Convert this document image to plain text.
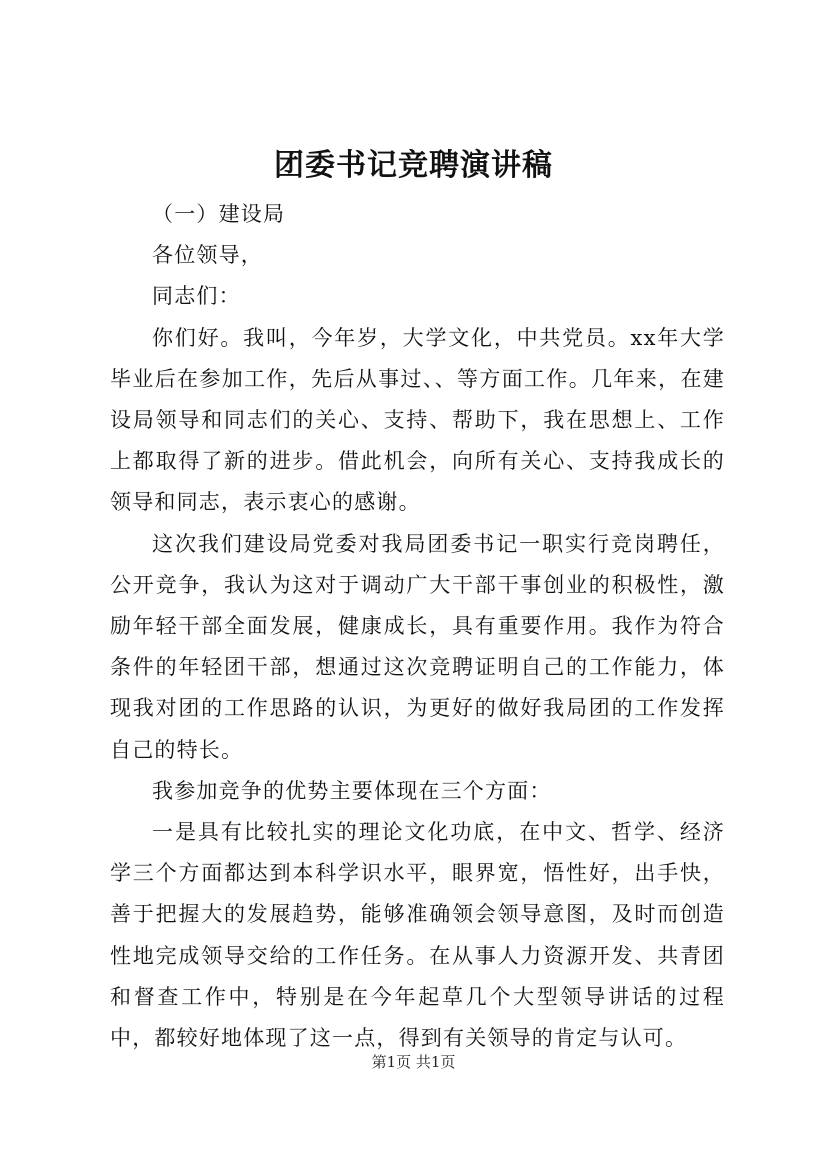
团委书记竞聘演讲稿

（一）建设局

各位领导，

同志们：

你们好。我叫，今年岁，大学文化，中共党员。xx年大学毕业后在参加工作，先后从事过、、等方面工作。几年来，在建设局领导和同志们的关心、支持、帮助下，我在思想上、工作上都取得了新的进步。借此机会，向所有关心、支持我成长的领导和同志，表示衷心的感谢。

这次我们建设局党委对我局团委书记一职实行竞岗聘任，公开竞争，我认为这对于调动广大干部干事创业的积极性，激励年轻干部全面发展，健康成长，具有重要作用。我作为符合条件的年轻团干部，想通过这次竞聘证明自己的工作能力，体现我对团的工作思路的认识，为更好的做好我局团的工作发挥自己的特长。

我参加竞争的优势主要体现在三个方面：

一是具有比较扎实的理论文化功底，在中文、哲学、经济学三个方面都达到本科学识水平，眼界宽，悟性好，出手快，善于把握大的发展趋势，能够准确领会领导意图，及时而创造性地完成领导交给的工作任务。在从事人力资源开发、共青团和督查工作中，特别是在今年起草几个大型领导讲话的过程中，都较好地体现了这一点，得到有关领导的肯定与认可。

第1页 共1页
